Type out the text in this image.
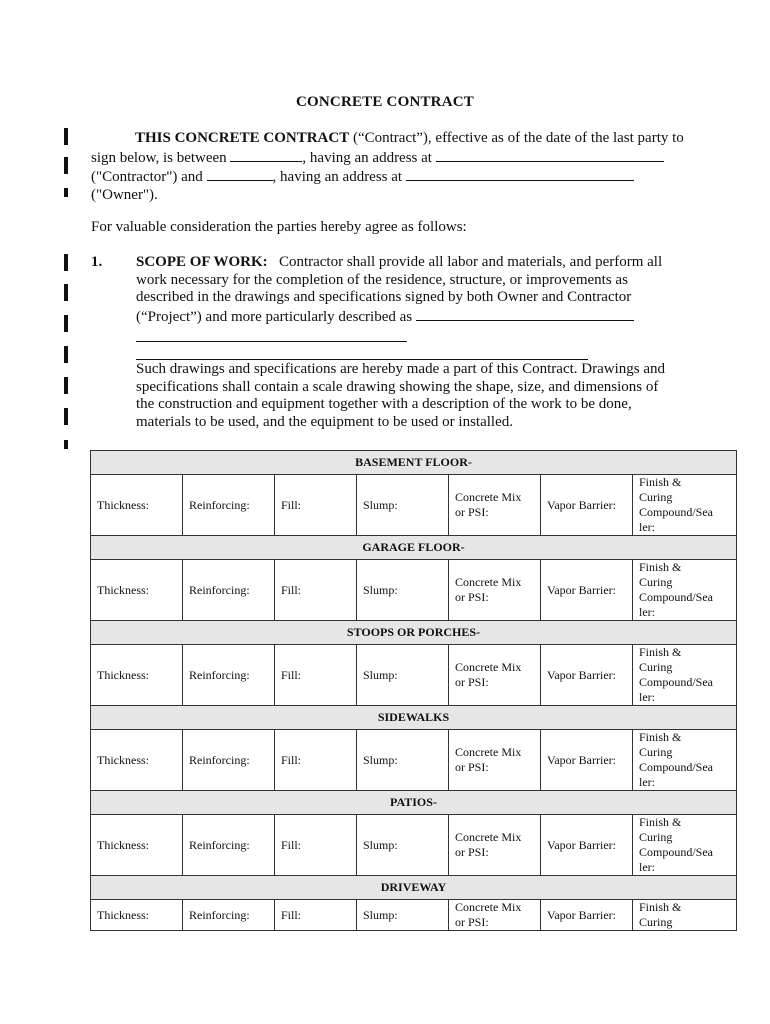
CONCRETE CONTRACT
THIS CONCRETE CONTRACT (“Contract”), effective as of the date of the last party to sign below, is between	, having an address at
("Contractor") and	, having an address at
("Owner").
For valuable consideration the parties hereby agree as follows:
1. SCOPE OF WORK: Contractor shall provide all labor and materials, and perform all work necessary for the completion of the residence, structure, or improvements as described in the drawings and specifications signed by both Owner and Contractor (“Project”) and more particularly described as
Such drawings and specifications are hereby made a part of this Contract. Drawings and specifications shall contain a scale drawing showing the shape, size, and dimensions of the construction and equipment together with a description of the work to be done, materials to be used, and the equipment to be used or installed.
BASEMENT FLOOR-						
Thickness:	Reinforcing:	Fill:	Slump:	Concrete Mix or PSI:	Vapor Barrier:	Finish &
Curing
Compound/Sea
ler:

GARAGE FLOOR-						
Thickness:	Reinforcing:	Fill:	Slump:	Concrete Mix or PSI:	Vapor Barrier:	Finish &
Curing
Compound/Sea
ler:

STOOPS OR PORCHES-						
Thickness:	Reinforcing:	Fill:	Slump:	Concrete Mix or PSI:	Vapor Barrier:	Finish &
Curing
Compound/Sea
ler:

SIDEWALKS						
Thickness:	Reinforcing:	Fill:	Slump:	Concrete Mix or PSI:	Vapor Barrier:	Finish &
Curing
Compound/Sea
ler:

PATIOS-						
Thickness:	Reinforcing:	Fill:	Slump:	Concrete Mix or PSI:	Vapor Barrier:	Finish &
Curing
Compound/Sea
ler:

DRIVEWAY						
Thickness:	Reinforcing:	Fill:	Slump:	Concrete Mix or PSI:	Vapor Barrier:	Finish &
Curing
